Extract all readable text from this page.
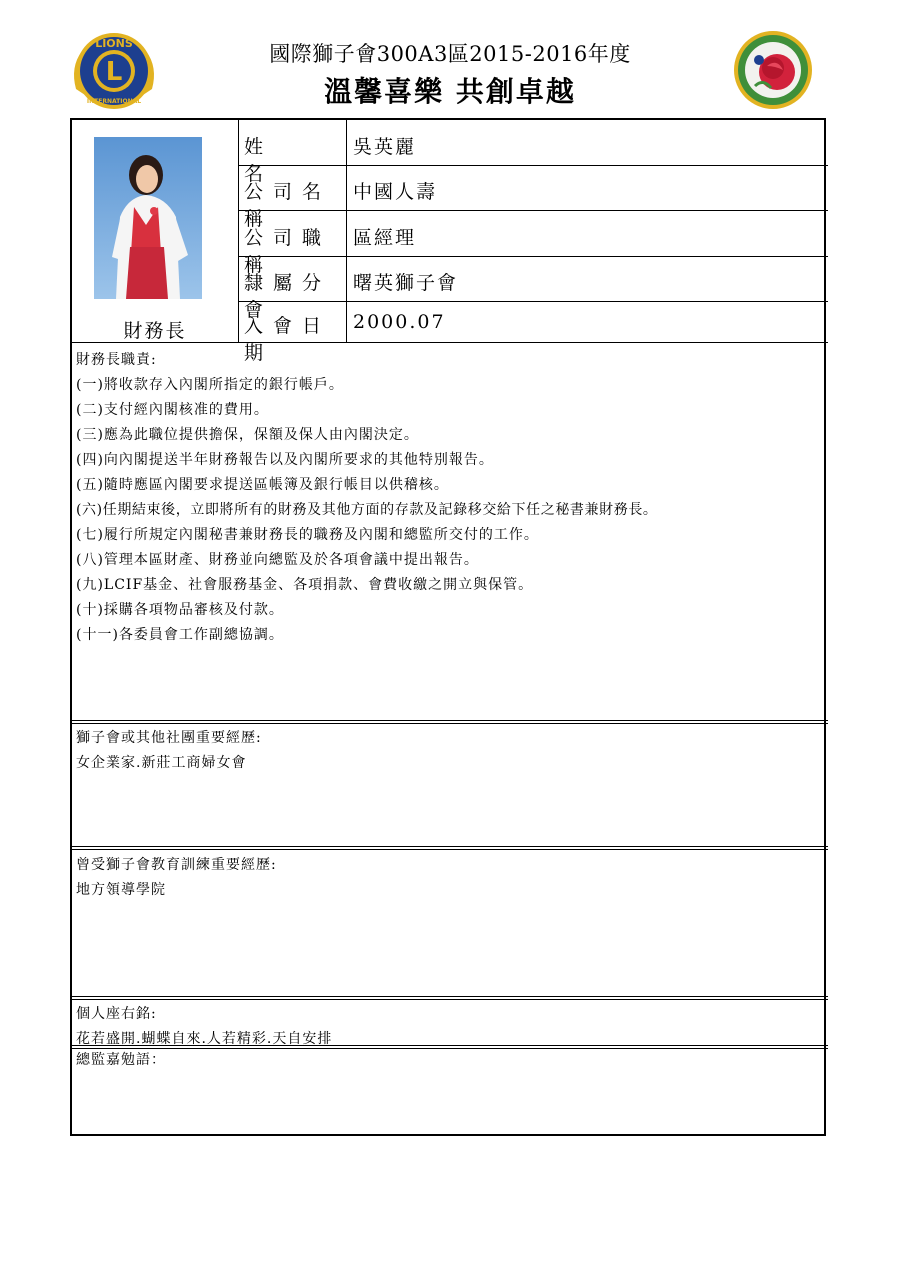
L
LIONS
INTERNATIONAL
國際獅子會300A3區2015-2016年度
溫馨喜樂 共創卓越
財務長
姓　　名
吳英麗
公司名稱
中國人壽
公司職稱
區經理
隸屬分會
曙英獅子會
入會日期
2000.07
財務長職責:
(一)將收款存入內閣所指定的銀行帳戶。
(二)支付經內閣核准的費用。
(三)應為此職位提供擔保，保額及保人由內閣決定。
(四)向內閣提送半年財務報告以及內閣所要求的其他特別報告。
(五)隨時應區內閣要求提送區帳簿及銀行帳目以供稽核。
(六)任期結束後，立即將所有的財務及其他方面的存款及記錄移交給下任之秘書兼財務長。
(七)履行所規定內閣秘書兼財務長的職務及內閣和總監所交付的工作。
(八)管理本區財產、財務並向總監及於各項會議中提出報告。
(九)LCIF基金、社會服務基金、各項捐款、會費收繳之開立與保管。
(十)採購各項物品審核及付款。
(十一)各委員會工作副總協調。
獅子會或其他社團重要經歷:
女企業家.新莊工商婦女會
曾受獅子會教育訓練重要經歷:
地方領導學院
個人座右銘:
花若盛開.蝴蝶自來.人若精彩.天自安排
總監嘉勉語：
